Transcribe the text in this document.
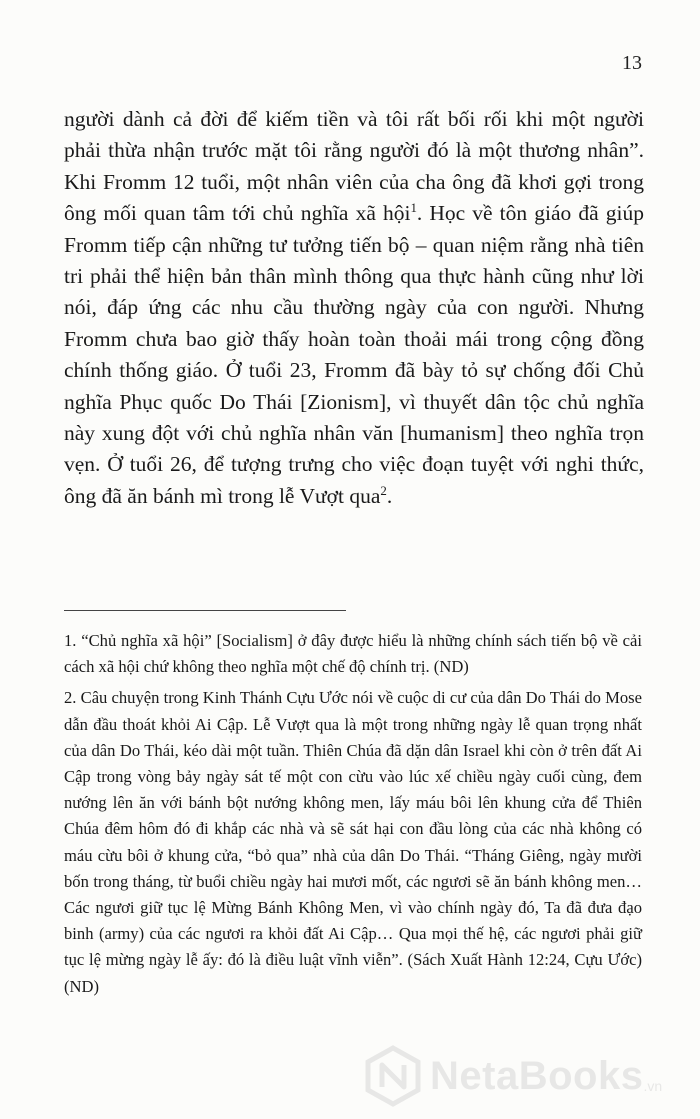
13

người dành cả đời để kiếm tiền và tôi rất bối rối khi một người phải thừa nhận trước mặt tôi rằng người đó là một thương nhân”. Khi Fromm 12 tuổi, một nhân viên của cha ông đã khơi gợi trong ông mối quan tâm tới chủ nghĩa xã hội$^1$. Học về tôn giáo đã giúp Fromm tiếp cận những tư tưởng tiến bộ – quan niệm rằng nhà tiên tri phải thể hiện bản thân mình thông qua thực hành cũng như lời nói, đáp ứng các nhu cầu thường ngày của con người. Nhưng Fromm chưa bao giờ thấy hoàn toàn thoải mái trong cộng đồng chính thống giáo. Ở tuổi 23, Fromm đã bày tỏ sự chống đối Chủ nghĩa Phục quốc Do Thái [Zionism], vì thuyết dân tộc chủ nghĩa này xung đột với chủ nghĩa nhân văn [humanism] theo nghĩa trọn vẹn. Ở tuổi 26, để tượng trưng cho việc đoạn tuyệt với nghi thức, ông đã ăn bánh mì trong lễ Vượt qua$^2$.

1. “Chủ nghĩa xã hội” [Socialism] ở đây được hiểu là những chính sách tiến bộ về cải cách xã hội chứ không theo nghĩa một chế độ chính trị. (ND)

2. Câu chuyện trong Kinh Thánh Cựu Ước nói về cuộc di cư của dân Do Thái do Mose dẫn đầu thoát khỏi Ai Cập. Lễ Vượt qua là một trong những ngày lễ quan trọng nhất của dân Do Thái, kéo dài một tuần. Thiên Chúa đã dặn dân Israel khi còn ở trên đất Ai Cập trong vòng bảy ngày sát tế một con cừu vào lúc xế chiều ngày cuối cùng, đem nướng lên ăn với bánh bột nướng không men, lấy máu bôi lên khung cửa để Thiên Chúa đêm hôm đó đi khắp các nhà và sẽ sát hại con đầu lòng của các nhà không có máu cừu bôi ở khung cửa, “bỏ qua” nhà của dân Do Thái. “Tháng Giêng, ngày mười bốn trong tháng, từ buổi chiều ngày hai mươi mốt, các ngươi sẽ ăn bánh không men… Các ngươi giữ tục lệ Mừng Bánh Không Men, vì vào chính ngày đó, Ta đã đưa đạo binh (army) của các ngươi ra khỏi đất Ai Cập… Qua mọi thế hệ, các ngươi phải giữ tục lệ mừng ngày lễ ấy: đó là điều luật vĩnh viễn”. (Sách Xuất Hành 12:24, Cựu Ước) (ND)

NetaBooks .vn
